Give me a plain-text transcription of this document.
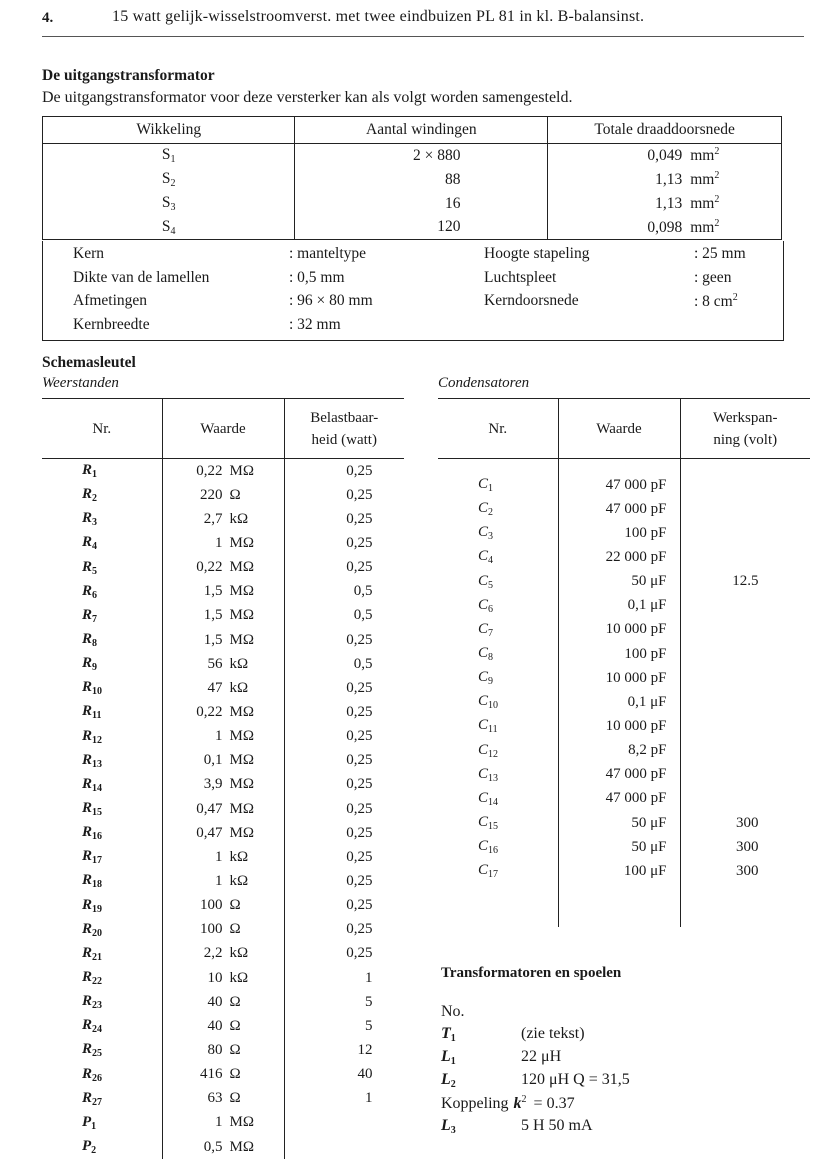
4.	15 watt gelijk-wisselstroomverst. met twee eindbuizen PL 81 in kl. B-balansinst.
De uitgangstransformator
De uitgangstransformator voor deze versterker kan als volgt worden samengesteld.
Wikkeling	Aantal windingen	Totale draaddoorsnede
$S_1$	2 × 880	0,049 $mm^2$

$S_2$	88	1,13 $mm^2$

$S_3$	16	1,13 $mm^2$

$S_4$	120	0,098 $mm^2$
Kern	: manteltype	Hoogte stapeling	: 25 mm
Dikte van de lamellen	: 0,5 mm	Luchtspleet	: geen
Afmetingen	: 96 × 80 mm	Kerndoorsnede	: 8 $cm^2$
Kernbreedte	: 32 mm
Schemasleutel
Weerstanden	Condensatoren
Nr.	Waarde	Belastbaar-
heid (watt)
$R_1$	0,22 MΩ	0,25

$R_2$	220 Ω	0,25

$R_3$	2,7 kΩ	0,25

$R_4$	1 MΩ	0,25

$R_5$	0,22 MΩ	0,25

$R_6$	1,5 MΩ	0,5

$R_7$	1,5 MΩ	0,5

$R_8$	1,5 MΩ	0,25

$R_9$	56 kΩ	0,5

$R_{10}$	47 kΩ	0,25

$R_{11}$	0,22 MΩ	0,25

$R_{12}$	1 MΩ	0,25

$R_{13}$	0,1 MΩ	0,25

$R_{14}$	3,9 MΩ	0,25

$R_{15}$	0,47 MΩ	0,25

$R_{16}$	0,47 MΩ	0,25

$R_{17}$	1 kΩ	0,25

$R_{18}$	1 kΩ	0,25

$R_{19}$	100 Ω	0,25

$R_{20}$	100 Ω	0,25

$R_{21}$	2,2 kΩ	0,25

$R_{22}$	10 kΩ	1

$R_{23}$	40 Ω	5

$R_{24}$	40 Ω	5

$R_{25}$	80 Ω	12

$R_{26}$	416 Ω	40

$R_{27}$	63 Ω	1

$P_1$	1 MΩ	

$P_2$	0,5 MΩ	
Nr.	Waarde	Werkspan-
ning (volt)

$C_1$	47 000 pF	

$C_2$	47 000 pF	

$C_3$	100 pF	

$C_4$	22 000 pF	

$C_5$	50 μF	12.5

$C_6$	0,1 μF	

$C_7$	10 000 pF	

$C_8$	100 pF	

$C_9$	10 000 pF	

$C_{10}$	0,1 μF	

$C_{11}$	10 000 pF	

$C_{12}$	8,2 pF	

$C_{13}$	47 000 pF	

$C_{14}$	47 000 pF	

$C_{15}$	50 μF	300

$C_{16}$	50 μF	300

$C_{17}$	100 μF	300

Transformatoren en spoelen
No.
$T_1$	(zie tekst)
$L_1$	22 μH
$L_2$	120 μH Q = 31,5
Koppeling $k^2 = 0.37$
$L_3$	5 H 50 mA
